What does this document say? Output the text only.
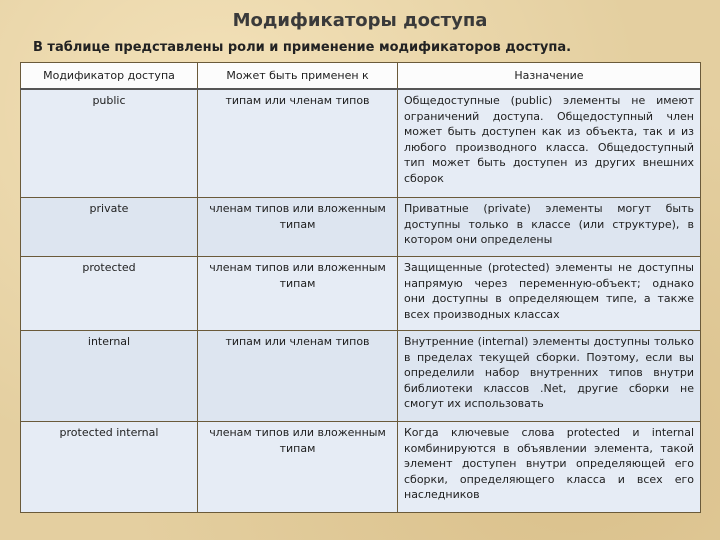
Модификаторы доступа
В таблице представлены роли и применение модификаторов доступа.
Модификатор доступа	Может быть применен к	Назначение
public	типам или членам типов	Общедоступные (public) элементы не имеют ограничений доступа. Общедоступный член может быть доступен как из объекта, так и из любого производного класса. Общедоступный тип может быть доступен из других внешних сборок
private	членам типов или вложенным типам	Приватные (private) элементы могут быть доступны только в классе (или структуре), в котором они определены
protected	членам типов или вложенным типам	Защищенные (protected) элементы не доступны напрямую через переменную-объект; однако они доступны в определяющем типе, а также всех производных классах
internal	типам или членам типов	Внутренние (internal) элементы доступны только в пределах текущей сборки. Поэтому, если вы определили набор внутренних типов внутри библиотеки классов .Net, другие сборки не смогут их использовать
protected internal	членам типов или вложенным типам	Когда ключевые слова protected и internal комбинируются в объявлении элемента, такой элемент доступен внутри определяющей его сборки, определяющего класса и всех его наследников
